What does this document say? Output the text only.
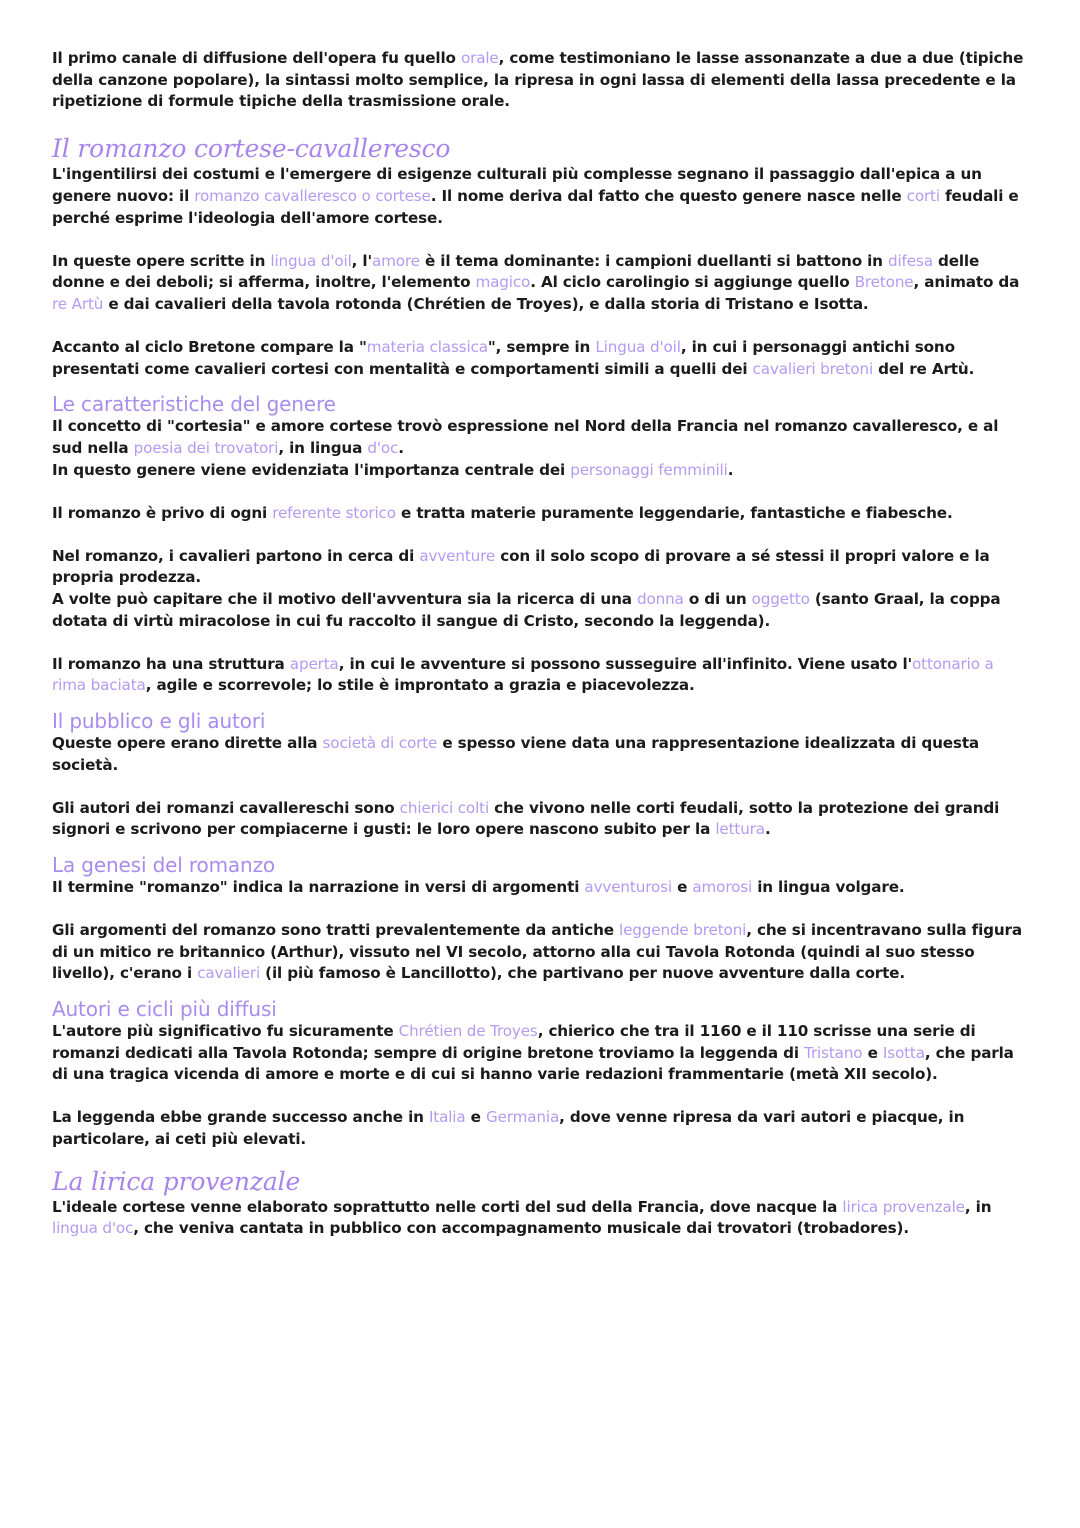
Il primo canale di diffusione dell'opera fu quello orale, come testimoniano le lasse assonanzate a due a due (tipiche della canzone popolare), la sintassi molto semplice, la ripresa in ogni lassa di elementi della lassa precedente e la ripetizione di formule tipiche della trasmissione orale.

Il romanzo cortese-cavalleresco

L'ingentilirsi dei costumi e l'emergere di esigenze culturali più complesse segnano il passaggio dall'epica a un genere nuovo: il romanzo cavalleresco o cortese. Il nome deriva dal fatto che questo genere nasce nelle corti feudali e perché esprime l'ideologia dell'amore cortese.

In queste opere scritte in lingua d'oil, l'amore è il tema dominante: i campioni duellanti si battono in difesa delle donne e dei deboli; si afferma, inoltre, l'elemento magico. Al ciclo carolingio si aggiunge quello Bretone, animato da re Artù e dai cavalieri della tavola rotonda (Chrétien de Troyes), e dalla storia di Tristano e Isotta.

Accanto al ciclo Bretone compare la "materia classica", sempre in Lingua d'oil, in cui i personaggi antichi sono presentati come cavalieri cortesi con mentalità e comportamenti simili a quelli dei cavalieri bretoni del re Artù.

Le caratteristiche del genere

Il concetto di "cortesia" e amore cortese trovò espressione nel Nord della Francia nel romanzo cavalleresco, e al sud nella poesia dei trovatori, in lingua d'oc.

In questo genere viene evidenziata l'importanza centrale dei personaggi femminili.

Il romanzo è privo di ogni referente storico e tratta materie puramente leggendarie, fantastiche e fiabesche.

Nel romanzo, i cavalieri partono in cerca di avventure con il solo scopo di provare a sé stessi il propri valore e la propria prodezza.

A volte può capitare che il motivo dell'avventura sia la ricerca di una donna o di un oggetto (santo Graal, la coppa dotata di virtù miracolose in cui fu raccolto il sangue di Cristo, secondo la leggenda).

Il romanzo ha una struttura aperta, in cui le avventure si possono susseguire all'infinito. Viene usato l'ottonario a rima baciata, agile e scorrevole; lo stile è improntato a grazia e piacevolezza.

Il pubblico e gli autori

Queste opere erano dirette alla società di corte e spesso viene data una rappresentazione idealizzata di questa società.

Gli autori dei romanzi cavallereschi sono chierici colti che vivono nelle corti feudali, sotto la protezione dei grandi signori e scrivono per compiacerne i gusti: le loro opere nascono subito per la lettura.

La genesi del romanzo

Il termine "romanzo" indica la narrazione in versi di argomenti avventurosi e amorosi in lingua volgare.

Gli argomenti del romanzo sono tratti prevalentemente da antiche leggende bretoni, che si incentravano sulla figura di un mitico re britannico (Arthur), vissuto nel VI secolo, attorno alla cui Tavola Rotonda (quindi al suo stesso livello), c'erano i cavalieri (il più famoso è Lancillotto), che partivano per nuove avventure dalla corte.

Autori e cicli più diffusi

L'autore più significativo fu sicuramente Chrétien de Troyes, chierico che tra il 1160 e il 110 scrisse una serie di romanzi dedicati alla Tavola Rotonda; sempre di origine bretone troviamo la leggenda di Tristano e Isotta, che parla di una tragica vicenda di amore e morte e di cui si hanno varie redazioni frammentarie (metà XII secolo).

La leggenda ebbe grande successo anche in Italia e Germania, dove venne ripresa da vari autori e piacque, in particolare, ai ceti più elevati.

La lirica provenzale

L'ideale cortese venne elaborato soprattutto nelle corti del sud della Francia, dove nacque la lirica provenzale, in lingua d'oc, che veniva cantata in pubblico con accompagnamento musicale dai trovatori (trobadores).
